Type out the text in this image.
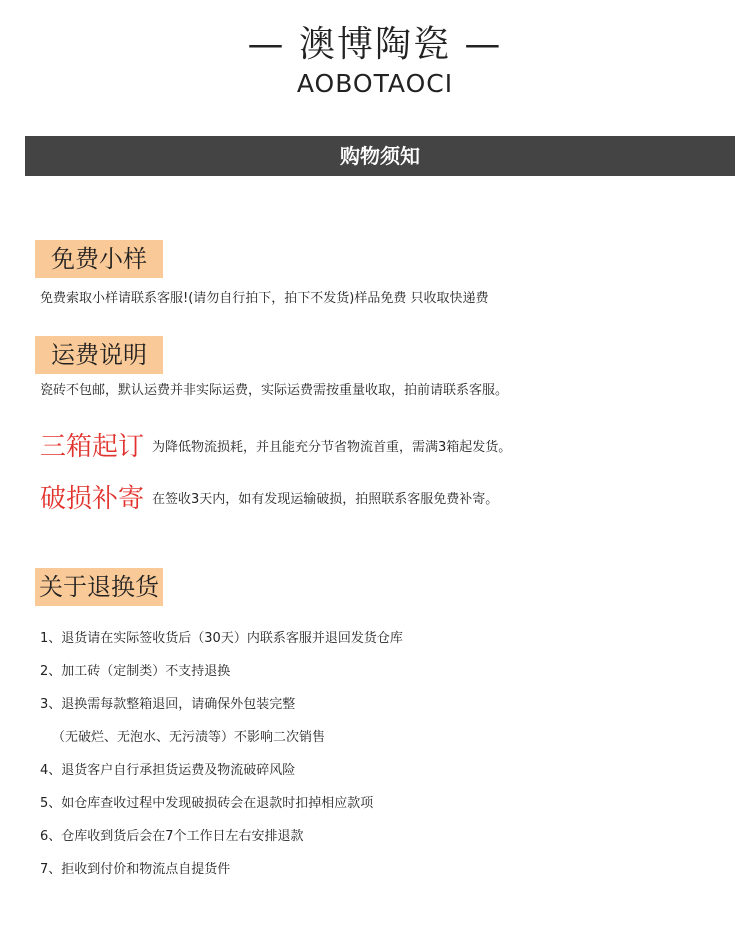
— 澳博陶瓷 —
AOBOTAOCI
购物须知
免费小样
免费索取小样请联系客服!(请勿自行拍下，拍下不发货)样品免费 只收取快递费
运费说明
瓷砖不包邮，默认运费并非实际运费，实际运费需按重量收取，拍前请联系客服。
三箱起订 为降低物流损耗，并且能充分节省物流首重，需满3箱起发货。
破损补寄 在签收3天内，如有发现运输破损，拍照联系客服免费补寄。
关于退换货
1、退货请在实际签收货后（30天）内联系客服并退回发货仓库
2、加工砖（定制类）不支持退换
3、退换需每款整箱退回，请确保外包装完整
（无破烂、无泡水、无污渍等）不影响二次销售
4、退货客户自行承担货运费及物流破碎风险
5、如仓库查收过程中发现破损砖会在退款时扣掉相应款项
6、仓库收到货后会在7个工作日左右安排退款
7、拒收到付价和物流点自提货件
